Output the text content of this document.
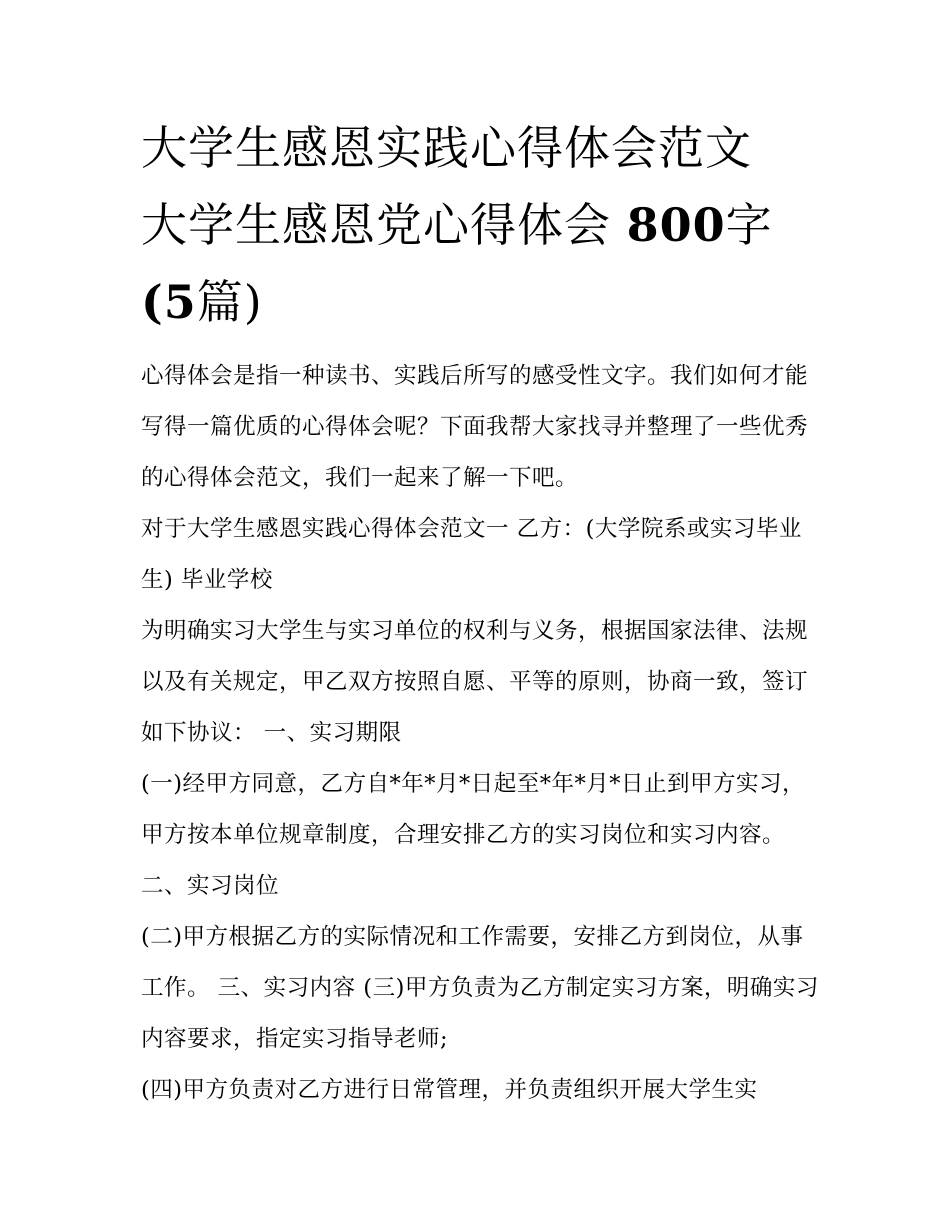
大学生感恩实践心得体会范文
大学生感恩党心得体会 800字
(5篇)

心得体会是指一种读书、实践后所写的感受性文字。我们如何才能写得一篇优质的心得体会呢？下面我帮大家找寻并整理了一些优秀的心得体会范文，我们一起来了解一下吧。

对于大学生感恩实践心得体会范文一 乙方：(大学院系或实习毕业生) 毕业学校

为明确实习大学生与实习单位的权利与义务，根据国家法律、法规以及有关规定，甲乙双方按照自愿、平等的原则，协商一致，签订如下协议： 一、实习期限

(一)经甲方同意，乙方自*年*月*日起至*年*月*日止到甲方实习，甲方按本单位规章制度，合理安排乙方的实习岗位和实习内容。 二、实习岗位

(二)甲方根据乙方的实际情况和工作需要，安排乙方到岗位，从事工作。 三、实习内容 (三)甲方负责为乙方制定实习方案，明确实习内容要求，指定实习指导老师;

(四)甲方负责对乙方进行日常管理，并负责组织开展大学生实
